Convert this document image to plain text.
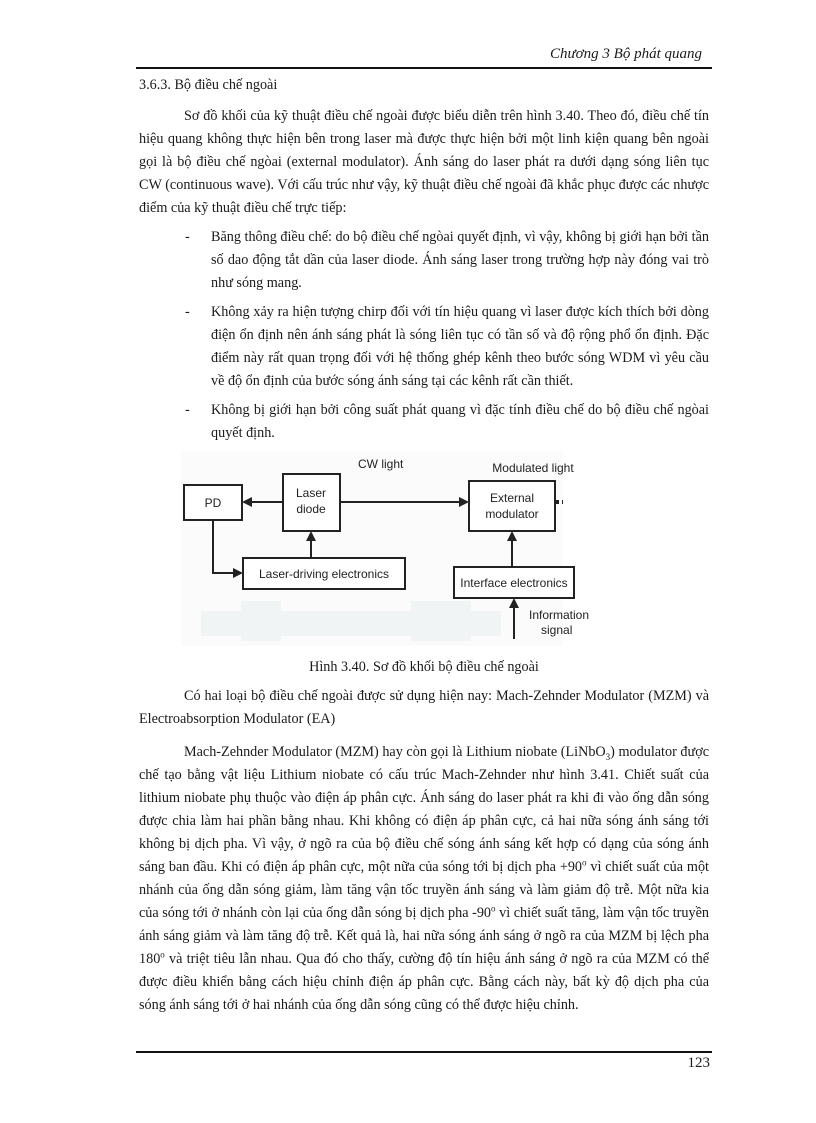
Chương 3 Bộ phát quang

3.6.3. Bộ điều chế ngoài

Sơ đồ khối của kỹ thuật điều chế ngoài được biểu diễn trên hình 3.40. Theo đó, điều chế tín hiệu quang không thực hiện bên trong laser mà được thực hiện bởi một linh kiện quang bên ngoài gọi là bộ điều chế ngòai (external modulator). Ánh sáng do laser phát ra dưới dạng sóng liên tục CW (continuous wave). Với cấu trúc như vậy, kỹ thuật điều chế ngoài đã khắc phục được các nhược điểm của kỹ thuật điều chế trực tiếp:

- Băng thông điều chế: do bộ điều chế ngòai quyết định, vì vậy, không bị giới hạn bởi tần số dao động tắt dần của laser diode. Ánh sáng laser trong trường hợp này đóng vai trò như sóng mang.
- Không xảy ra hiện tượng chirp đối với tín hiệu quang vì laser được kích thích bởi dòng điện ổn định nên ánh sáng phát là sóng liên tục có tần số và độ rộng phổ ổn định. Đặc điểm này rất quan trọng đối với hệ thống ghép kênh theo bước sóng WDM vì yêu cầu về độ ổn định của bước sóng ánh sáng tại các kênh rất cần thiết.
- Không bị giới hạn bởi công suất phát quang vì đặc tính điều chế do bộ điều chế ngòai quyết định.
PD
Laser
diode
External
modulator
Laser-driving electronics
Interface electronics
CW light	Modulated light
Information
signal
Hình 3.40. Sơ đồ khối bộ điều chế ngoài

Có hai loại bộ điều chế ngoài được sử dụng hiện nay: Mach-Zehnder Modulator (MZM) và Electroabsorption Modulator (EA)

Mach-Zehnder Modulator (MZM) hay còn gọi là Lithium niobate (LiNbO$_3$) modulator được chế tạo bằng vật liệu Lithium niobate có cấu trúc Mach-Zehnder như hình 3.41. Chiết suất của lithium niobate phụ thuộc vào điện áp phân cực. Ánh sáng do laser phát ra khi đi vào ống dẫn sóng được chia làm hai phần bằng nhau. Khi không có điện áp phân cực, cả hai nữa sóng ánh sáng tới không bị dịch pha. Vì vậy, ở ngõ ra của bộ điều chế sóng ánh sáng kết hợp có dạng của sóng ánh sáng ban đầu. Khi có điện áp phân cực, một nữa của sóng tới bị dịch pha $+90^o$ vì chiết suất của một nhánh của ống dẫn sóng giảm, làm tăng vận tốc truyền ánh sáng và làm giảm độ trễ. Một nữa kia của sóng tới ở nhánh còn lại của ống dẫn sóng bị dịch pha -90$^o$ vì chiết suất tăng, làm vận tốc truyền ánh sáng giảm và làm tăng độ trễ. Kết quả là, hai nữa sóng ánh sáng ở ngõ ra của MZM bị lệch pha 180$^o$ và triệt tiêu lẫn nhau. Qua đó cho thấy, cường độ tín hiệu ánh sáng ở ngõ ra của MZM có thể được điều khiển bằng cách hiệu chỉnh điện áp phân cực. Bằng cách này, bất kỳ độ dịch pha của sóng ánh sáng tới ở hai nhánh của ống dẫn sóng cũng có thể được hiệu chỉnh.

123
